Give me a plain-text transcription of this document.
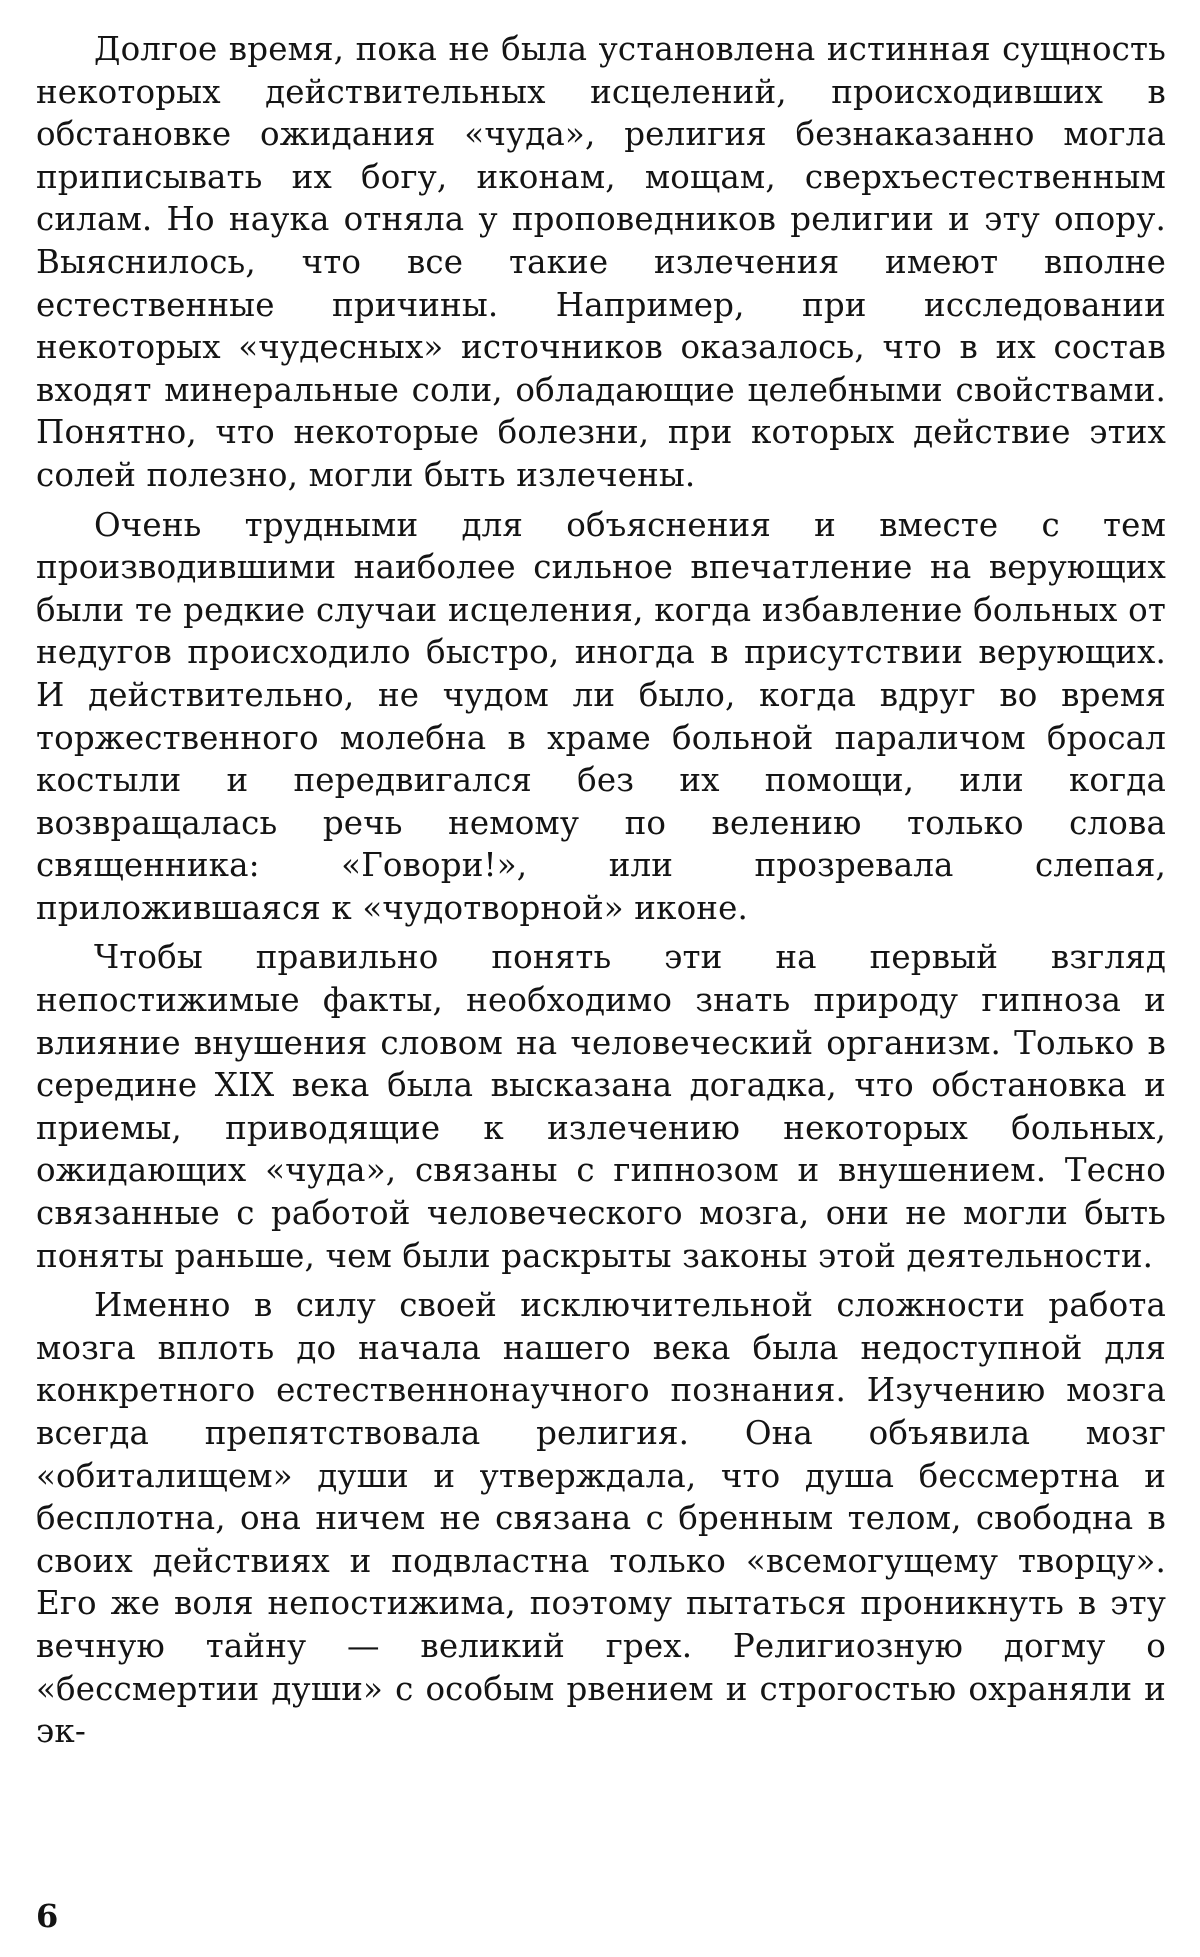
Долгое время, пока не была установлена истинная сущность некоторых действительных исцелений, происходивших в обстановке ожидания «чуда», религия безнаказанно могла приписывать их богу, иконам, мощам, сверхъестественным силам. Но наука отняла у проповедников религии и эту опору. Выяснилось, что все такие излечения имеют вполне естественные причины. Например, при исследовании некоторых «чудесных» источников оказалось, что в их состав входят минеральные соли, обладающие целебными свойствами. Понятно, что некоторые болезни, при которых действие этих солей полезно, могли быть излечены.

Очень трудными для объяснения и вместе с тем производившими наиболее сильное впечатление на верующих были те редкие случаи исцеления, когда избавление больных от недугов происходило быстро, иногда в присутствии верующих. И действительно, не чудом ли было, когда вдруг во время торжественного молебна в храме больной параличом бросал костыли и передвигался без их помощи, или когда возвращалась речь немому по велению только слова священника: «Говори!», или прозревала слепая, приложившаяся к «чудотворной» иконе.

Чтобы правильно понять эти на первый взгляд непостижимые факты, необходимо знать природу гипноза и влияние внушения словом на человеческий организм. Только в середине XIX века была высказана догадка, что обстановка и приемы, приводящие к излечению некоторых больных, ожидающих «чуда», связаны с гипнозом и внушением. Тесно связанные с работой человеческого мозга, они не могли быть поняты раньше, чем были раскрыты законы этой деятельности.

Именно в силу своей исключительной сложности работа мозга вплоть до начала нашего века была недоступной для конкретного естественнонаучного познания. Изучению мозга всегда препятствовала религия. Она объявила мозг «обиталищем» души и утверждала, что душа бессмертна и бесплотна, она ничем не связана с бренным телом, свободна в своих действиях и подвластна только «всемогущему творцу». Его же воля непостижима, поэтому пытаться проникнуть в эту вечную тайну — великий грех. Религиозную догму о «бессмертии души» с особым рвением и строгостью охраняли и эк-

6
